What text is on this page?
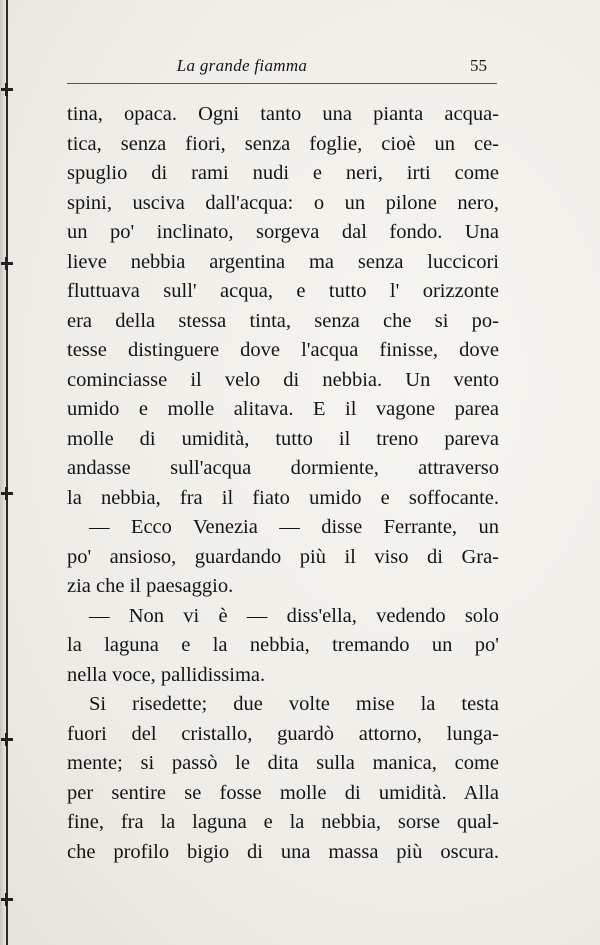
La grande fiamma	55
tina, opaca. Ogni tanto una pianta acqua-
tica, senza fiori, senza foglie, cioè un ce-
spuglio di rami nudi e neri, irti come
spini, usciva dall'acqua: o un pilone nero,
un po' inclinato, sorgeva dal fondo. Una
lieve nebbia argentina ma senza luccicori
fluttuava sull' acqua, e tutto l' orizzonte
era della stessa tinta, senza che si po-
tesse distinguere dove l'acqua finisse, dove
cominciasse il velo di nebbia. Un vento
umido e molle alitava. E il vagone parea
molle di umidità, tutto il treno pareva
andasse sull'acqua dormiente, attraverso
la nebbia, fra il fiato umido e soffocante.
— Ecco Venezia — disse Ferrante, un
po' ansioso, guardando più il viso di Gra-
zia che il paesaggio.
— Non vi è — diss'ella, vedendo solo
la laguna e la nebbia, tremando un po'
nella voce, pallidissima.
Si risedette; due volte mise la testa
fuori del cristallo, guardò attorno, lunga-
mente; si passò le dita sulla manica, come
per sentire se fosse molle di umidità. Alla
fine, fra la laguna e la nebbia, sorse qual-
che profilo bigio di una massa più oscura.
